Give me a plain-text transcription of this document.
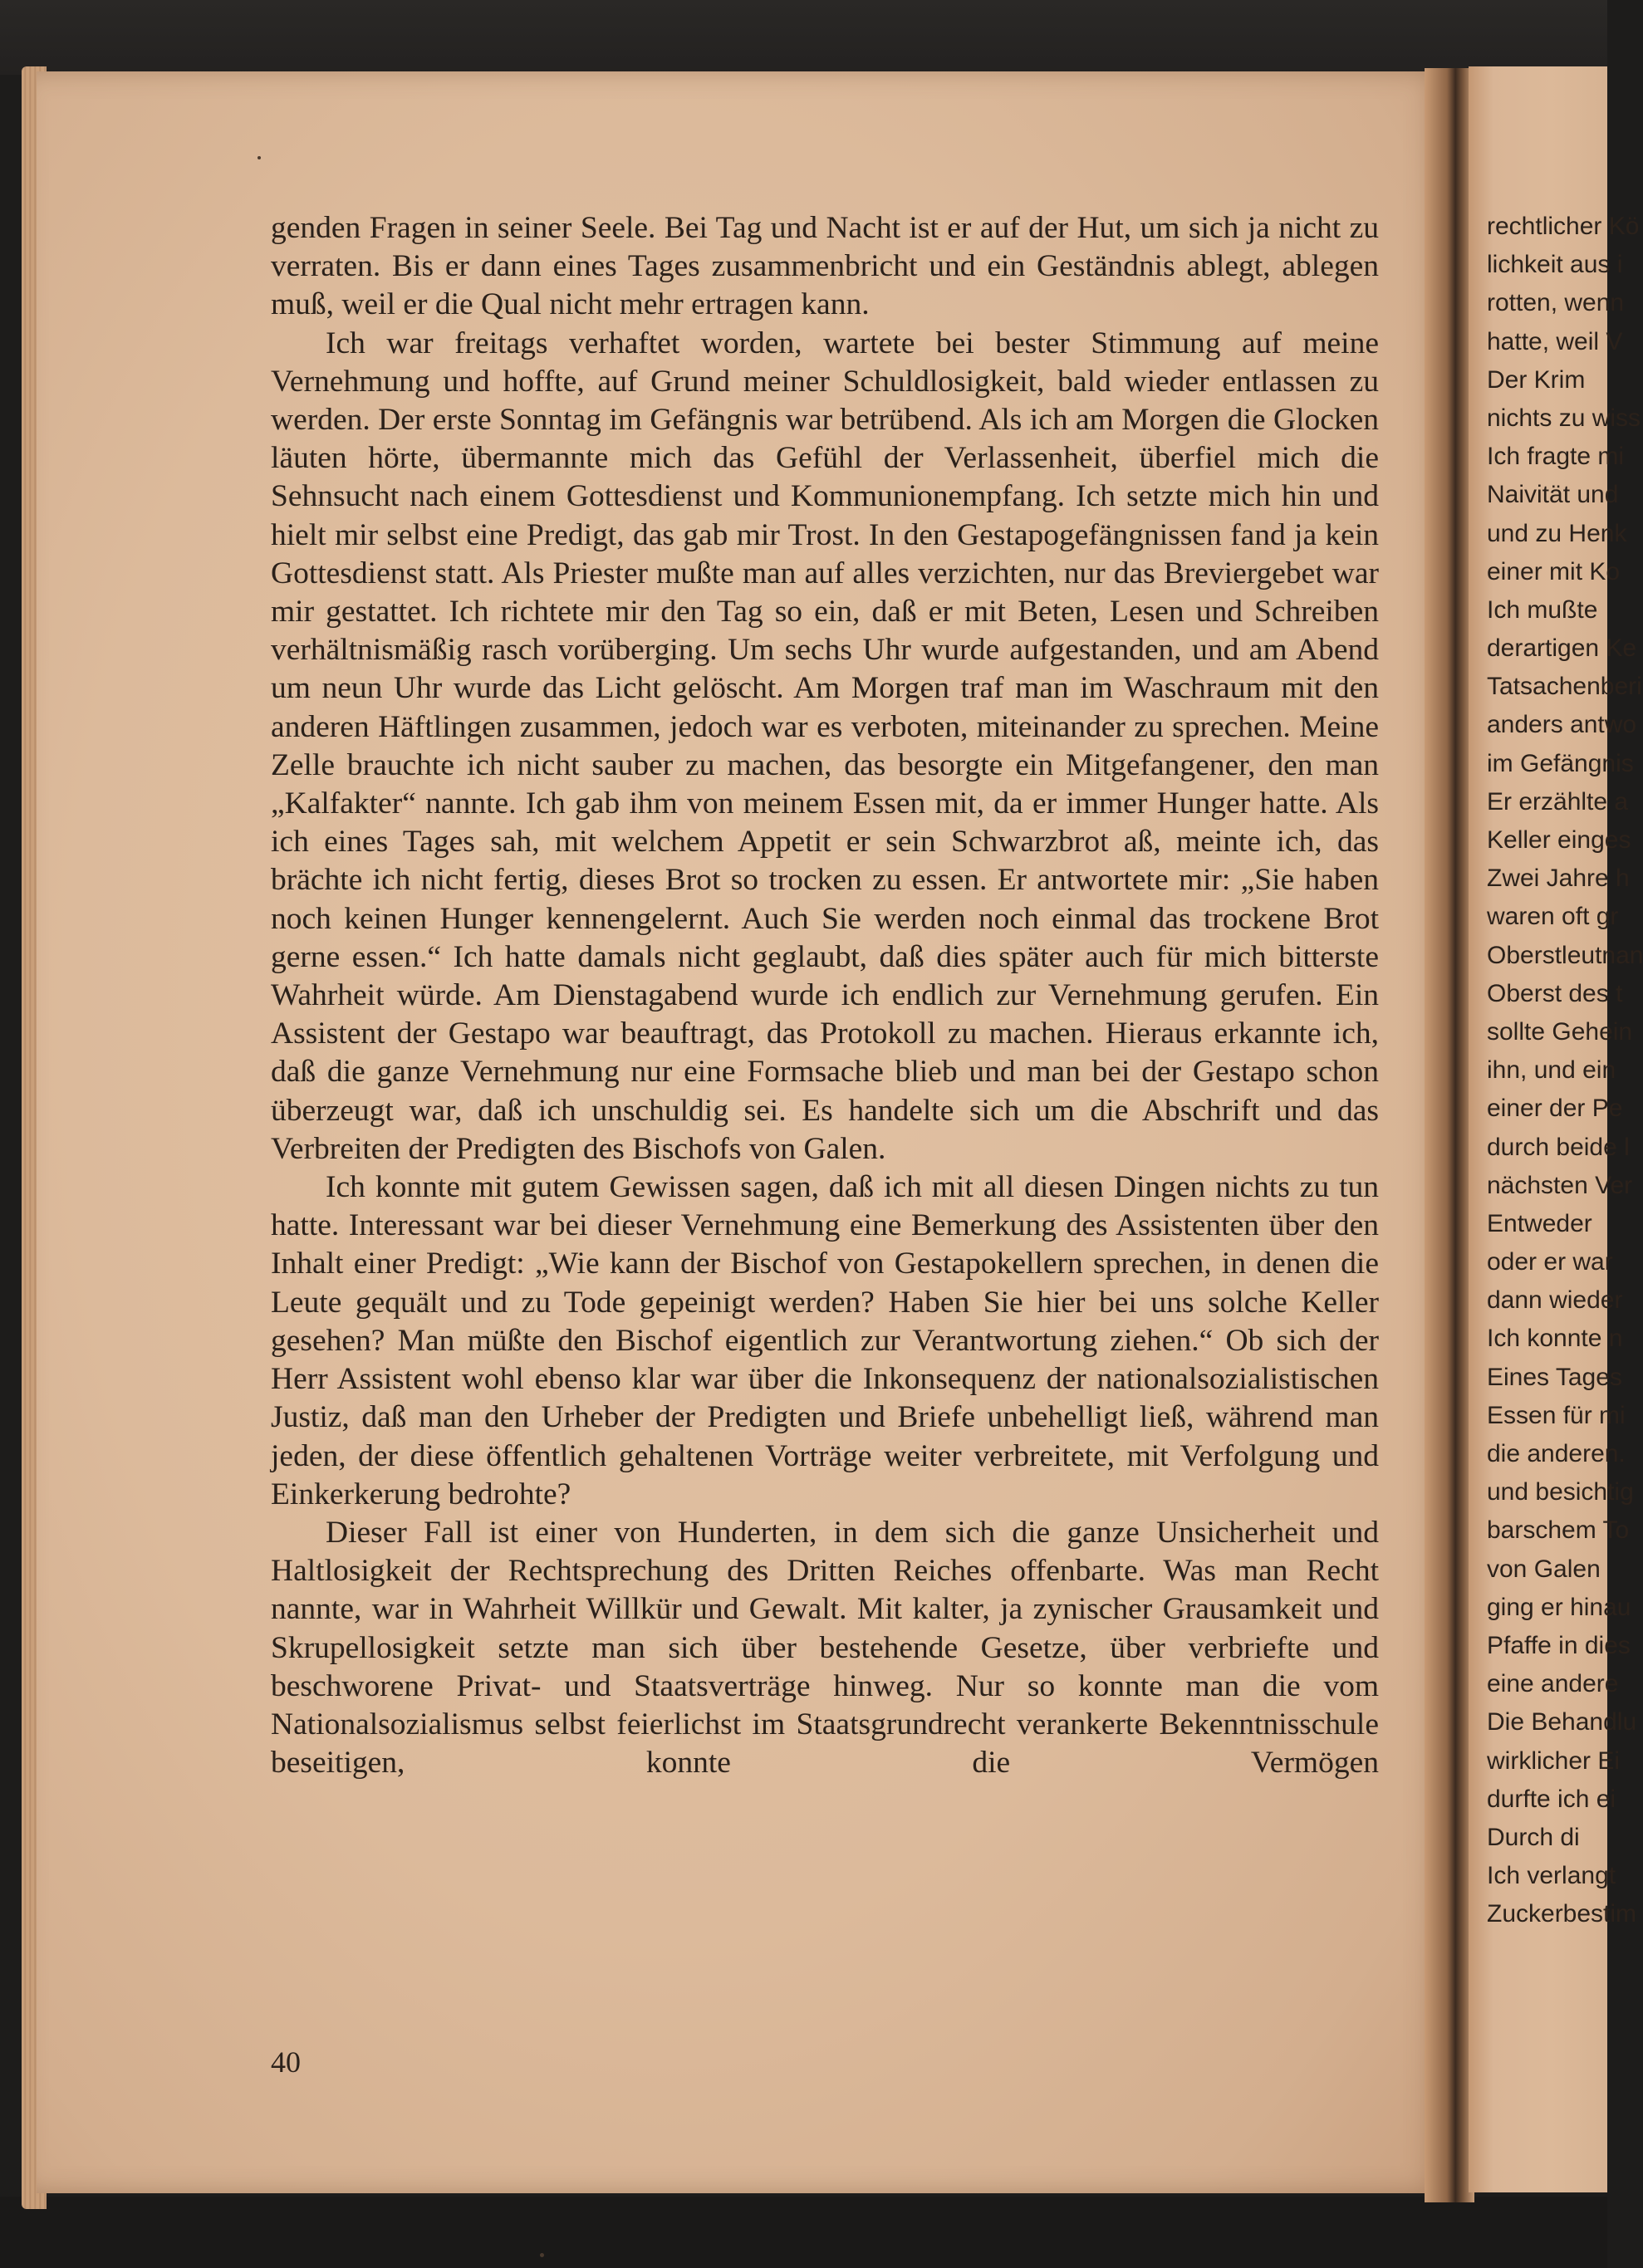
genden Fragen in seiner Seele. Bei Tag und Nacht ist er auf der Hut, um sich ja nicht zu verraten. Bis er dann eines Tages zusammenbricht und ein Geständnis ablegt, ablegen muß, weil er die Qual nicht mehr ertragen kann.

Ich war freitags verhaftet worden, wartete bei bester Stimmung auf meine Vernehmung und hoffte, auf Grund meiner Schuldlosigkeit, bald wieder entlassen zu werden. Der erste Sonntag im Gefängnis war betrübend. Als ich am Morgen die Glocken läuten hörte, übermannte mich das Gefühl der Verlassenheit, überfiel mich die Sehnsucht nach einem Gottesdienst und Kommunionempfang. Ich setzte mich hin und hielt mir selbst eine Predigt, das gab mir Trost. In den Gestapogefängnissen fand ja kein Gottesdienst statt. Als Priester mußte man auf alles verzichten, nur das Breviergebet war mir gestattet. Ich richtete mir den Tag so ein, daß er mit Beten, Lesen und Schreiben verhältnismäßig rasch vorüberging. Um sechs Uhr wurde aufgestanden, und am Abend um neun Uhr wurde das Licht gelöscht. Am Morgen traf man im Waschraum mit den anderen Häftlingen zusammen, jedoch war es verboten, miteinander zu sprechen. Meine Zelle brauchte ich nicht sauber zu machen, das besorgte ein Mitgefangener, den man „Kalfakter“ nannte. Ich gab ihm von meinem Essen mit, da er immer Hunger hatte. Als ich eines Tages sah, mit welchem Appetit er sein Schwarzbrot aß, meinte ich, das brächte ich nicht fertig, dieses Brot so trocken zu essen. Er antwortete mir: „Sie haben noch keinen Hunger kennengelernt. Auch Sie werden noch einmal das trockene Brot gerne essen.“ Ich hatte damals nicht geglaubt, daß dies später auch für mich bitterste Wahrheit würde. Am Dienstagabend wurde ich endlich zur Vernehmung gerufen. Ein Assistent der Gestapo war beauftragt, das Protokoll zu machen. Hieraus erkannte ich, daß die ganze Vernehmung nur eine Formsache blieb und man bei der Gestapo schon überzeugt war, daß ich unschuldig sei. Es handelte sich um die Abschrift und das Verbreiten der Predigten des Bischofs von Galen.

Ich konnte mit gutem Gewissen sagen, daß ich mit all diesen Dingen nichts zu tun hatte. Interessant war bei dieser Vernehmung eine Bemerkung des Assistenten über den Inhalt einer Predigt: „Wie kann der Bischof von Gestapokellern sprechen, in denen die Leute gequält und zu Tode gepeinigt werden? Haben Sie hier bei uns solche Keller gesehen? Man müßte den Bischof eigentlich zur Verantwortung ziehen.“ Ob sich der Herr Assistent wohl ebenso klar war über die Inkonsequenz der nationalsozialistischen Justiz, daß man den Urheber der Predigten und Briefe unbehelligt ließ, während man jeden, der diese öffentlich gehaltenen Vorträge weiter verbreitete, mit Verfolgung und Einkerkerung bedrohte?

Dieser Fall ist einer von Hunderten, in dem sich die ganze Unsicherheit und Haltlosigkeit der Rechtsprechung des Dritten Reiches offenbarte. Was man Recht nannte, war in Wahrheit Willkür und Gewalt. Mit kalter, ja zynischer Grausamkeit und Skrupellosigkeit setzte man sich über bestehende Gesetze, über verbriefte und beschworene Privat- und Staatsverträge hinweg. Nur so konnte man die vom Nationalsozialismus selbst feierlichst im Staatsgrundrecht verankerte Bekenntnisschule beseitigen, konnte die Vermögen

40
rechtlicher Kö
lichkeit aus i
rotten, wenn
hatte, weil V
Der Krim
nichts zu wiss
Ich fragte mi
Naivität und
und zu Henk
einer mit Ko
Ich mußte
derartigen Ke
Tatsachenberi
anders antwo
im Gefängnis
Er erzählte a
Keller einges
Zwei Jahre h
waren oft gr
Oberstleutnan
Oberst des t
sollte Gehein
ihn, und ein
einer der Pe
durch beide l
nächsten Ver
Entweder
oder er war
dann wieder
Ich konnte n
Eines Tages
Essen für mi
die anderen.
und besichtig
barschem To
von Galen
ging er hinau
Pfaffe in dies
eine andere
Die Behandlu
wirklicher Ei
durfte ich ei
Durch di
Ich verlangt
Zuckerbestim
